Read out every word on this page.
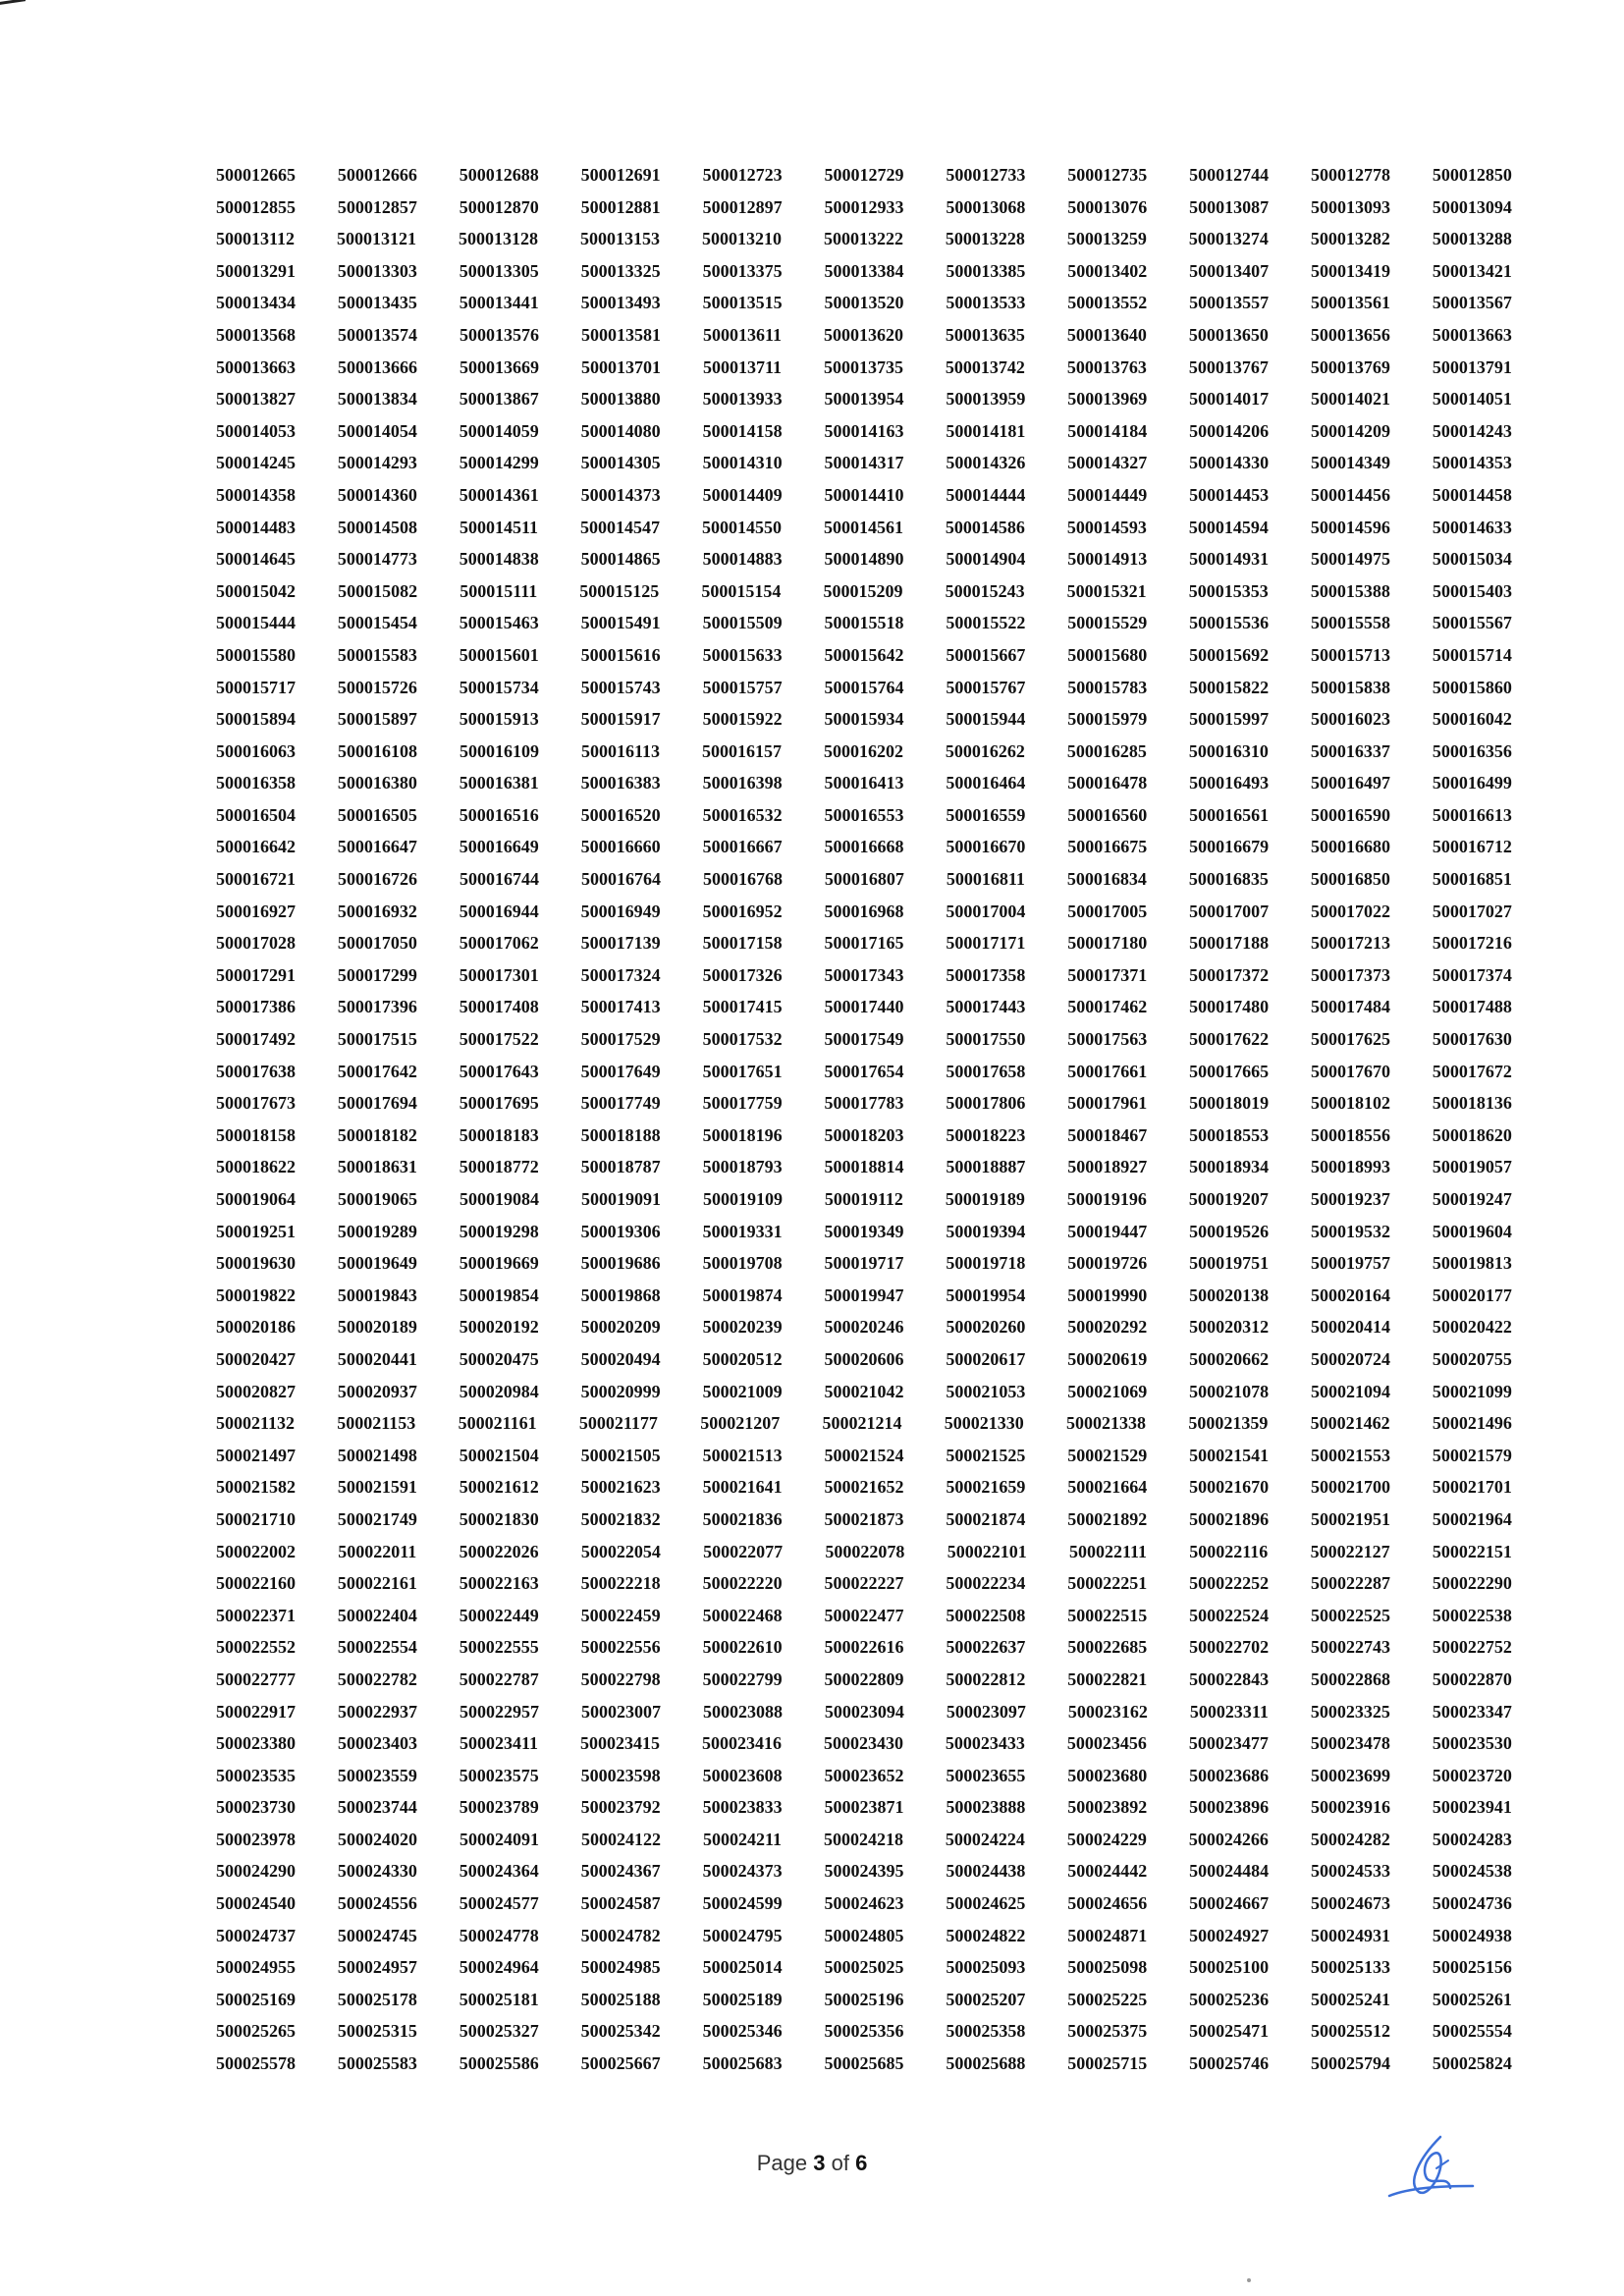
500012665 500012666 500012688 500012691 500012723 500012729 500012733 500012735 500012744 500012778 500012850
500012855 500012857 500012870 500012881 500012897 500012933 500013068 500013076 500013087 500013093 500013094
500013112 500013121 500013128 500013153 500013210 500013222 500013228 500013259 500013274 500013282 500013288
500013291 500013303 500013305 500013325 500013375 500013384 500013385 500013402 500013407 500013419 500013421
500013434 500013435 500013441 500013493 500013515 500013520 500013533 500013552 500013557 500013561 500013567
500013568 500013574 500013576 500013581 500013611 500013620 500013635 500013640 500013650 500013656 500013663
500013663 500013666 500013669 500013701 500013711 500013735 500013742 500013763 500013767 500013769 500013791
500013827 500013834 500013867 500013880 500013933 500013954 500013959 500013969 500014017 500014021 500014051
500014053 500014054 500014059 500014080 500014158 500014163 500014181 500014184 500014206 500014209 500014243
500014245 500014293 500014299 500014305 500014310 500014317 500014326 500014327 500014330 500014349 500014353
500014358 500014360 500014361 500014373 500014409 500014410 500014444 500014449 500014453 500014456 500014458
500014483 500014508 500014511 500014547 500014550 500014561 500014586 500014593 500014594 500014596 500014633
500014645 500014773 500014838 500014865 500014883 500014890 500014904 500014913 500014931 500014975 500015034
500015042 500015082 500015111 500015125 500015154 500015209 500015243 500015321 500015353 500015388 500015403
500015444 500015454 500015463 500015491 500015509 500015518 500015522 500015529 500015536 500015558 500015567
500015580 500015583 500015601 500015616 500015633 500015642 500015667 500015680 500015692 500015713 500015714
500015717 500015726 500015734 500015743 500015757 500015764 500015767 500015783 500015822 500015838 500015860
500015894 500015897 500015913 500015917 500015922 500015934 500015944 500015979 500015997 500016023 500016042
500016063 500016108 500016109 500016113 500016157 500016202 500016262 500016285 500016310 500016337 500016356
500016358 500016380 500016381 500016383 500016398 500016413 500016464 500016478 500016493 500016497 500016499
500016504 500016505 500016516 500016520 500016532 500016553 500016559 500016560 500016561 500016590 500016613
500016642 500016647 500016649 500016660 500016667 500016668 500016670 500016675 500016679 500016680 500016712
500016721 500016726 500016744 500016764 500016768 500016807 500016811 500016834 500016835 500016850 500016851
500016927 500016932 500016944 500016949 500016952 500016968 500017004 500017005 500017007 500017022 500017027
500017028 500017050 500017062 500017139 500017158 500017165 500017171 500017180 500017188 500017213 500017216
500017291 500017299 500017301 500017324 500017326 500017343 500017358 500017371 500017372 500017373 500017374
500017386 500017396 500017408 500017413 500017415 500017440 500017443 500017462 500017480 500017484 500017488
500017492 500017515 500017522 500017529 500017532 500017549 500017550 500017563 500017622 500017625 500017630
500017638 500017642 500017643 500017649 500017651 500017654 500017658 500017661 500017665 500017670 500017672
500017673 500017694 500017695 500017749 500017759 500017783 500017806 500017961 500018019 500018102 500018136
500018158 500018182 500018183 500018188 500018196 500018203 500018223 500018467 500018553 500018556 500018620
500018622 500018631 500018772 500018787 500018793 500018814 500018887 500018927 500018934 500018993 500019057
500019064 500019065 500019084 500019091 500019109 500019112 500019189 500019196 500019207 500019237 500019247
500019251 500019289 500019298 500019306 500019331 500019349 500019394 500019447 500019526 500019532 500019604
500019630 500019649 500019669 500019686 500019708 500019717 500019718 500019726 500019751 500019757 500019813
500019822 500019843 500019854 500019868 500019874 500019947 500019954 500019990 500020138 500020164 500020177
500020186 500020189 500020192 500020209 500020239 500020246 500020260 500020292 500020312 500020414 500020422
500020427 500020441 500020475 500020494 500020512 500020606 500020617 500020619 500020662 500020724 500020755
500020827 500020937 500020984 500020999 500021009 500021042 500021053 500021069 500021078 500021094 500021099
500021132 500021153 500021161 500021177 500021207 500021214 500021330 500021338 500021359 500021462 500021496
500021497 500021498 500021504 500021505 500021513 500021524 500021525 500021529 500021541 500021553 500021579
500021582 500021591 500021612 500021623 500021641 500021652 500021659 500021664 500021670 500021700 500021701
500021710 500021749 500021830 500021832 500021836 500021873 500021874 500021892 500021896 500021951 500021964
500022002 500022011 500022026 500022054 500022077 500022078 500022101 500022111 500022116 500022127 500022151
500022160 500022161 500022163 500022218 500022220 500022227 500022234 500022251 500022252 500022287 500022290
500022371 500022404 500022449 500022459 500022468 500022477 500022508 500022515 500022524 500022525 500022538
500022552 500022554 500022555 500022556 500022610 500022616 500022637 500022685 500022702 500022743 500022752
500022777 500022782 500022787 500022798 500022799 500022809 500022812 500022821 500022843 500022868 500022870
500022917 500022937 500022957 500023007 500023088 500023094 500023097 500023162 500023311 500023325 500023347
500023380 500023403 500023411 500023415 500023416 500023430 500023433 500023456 500023477 500023478 500023530
500023535 500023559 500023575 500023598 500023608 500023652 500023655 500023680 500023686 500023699 500023720
500023730 500023744 500023789 500023792 500023833 500023871 500023888 500023892 500023896 500023916 500023941
500023978 500024020 500024091 500024122 500024211 500024218 500024224 500024229 500024266 500024282 500024283
500024290 500024330 500024364 500024367 500024373 500024395 500024438 500024442 500024484 500024533 500024538
500024540 500024556 500024577 500024587 500024599 500024623 500024625 500024656 500024667 500024673 500024736
500024737 500024745 500024778 500024782 500024795 500024805 500024822 500024871 500024927 500024931 500024938
500024955 500024957 500024964 500024985 500025014 500025025 500025093 500025098 500025100 500025133 500025156
500025169 500025178 500025181 500025188 500025189 500025196 500025207 500025225 500025236 500025241 500025261
500025265 500025315 500025327 500025342 500025346 500025356 500025358 500025375 500025471 500025512 500025554
500025578 500025583 500025586 500025667 500025683 500025685 500025688 500025715 500025746 500025794 500025824
Page 3 of 6
